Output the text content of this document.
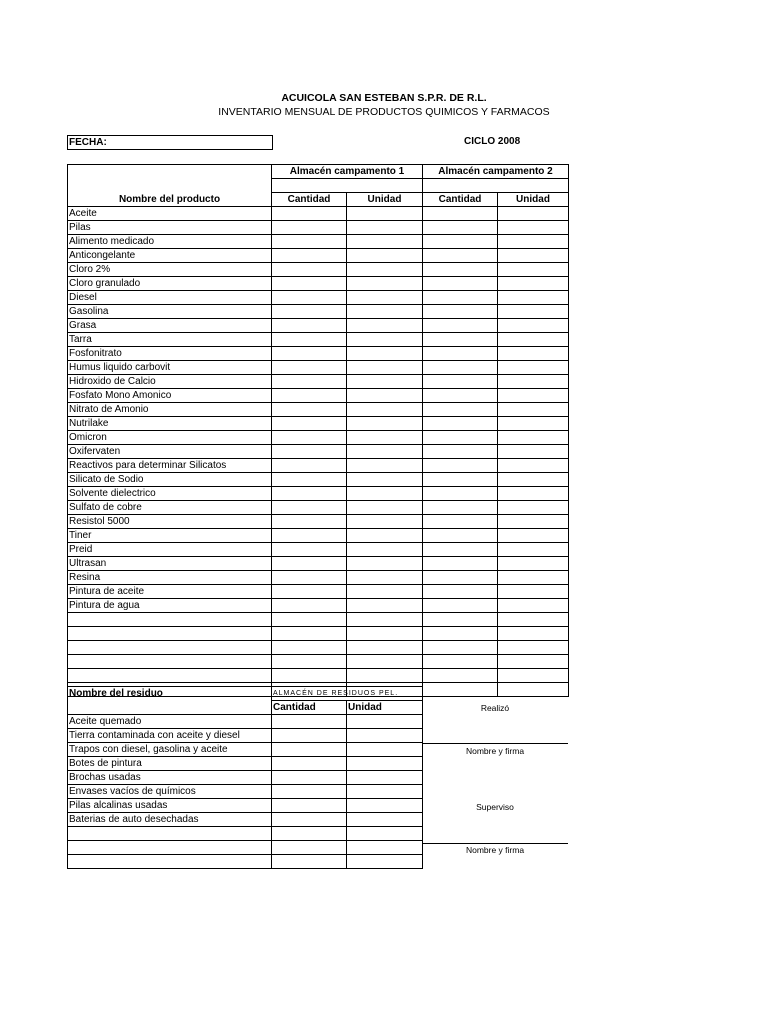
ACUICOLA SAN ESTEBAN S.P.R. DE R.L.
INVENTARIO MENSUAL DE PRODUCTOS QUIMICOS Y FARMACOS
FECHA:	CICLO 2008
Nombre del producto	Almacén campamento 1		Almacén campamento 2	

	Cantidad	Unidad	Cantidad	Unidad
Aceite				
Pilas				
Alimento medicado				
Anticongelante				
Cloro 2%				
Cloro granulado				
Diesel				
Gasolina				
Grasa				
Tarra				
Fosfonitrato				
Humus liquido carbovit				
Hidroxido de Calcio				
Fosfato Mono Amonico				
Nitrato de Amonio				
Nutrilake				
Omicron				
Oxifervaten				
Reactivos para determinar Silicatos				
Silicato de Sodio				
Solvente dielectrico				
Sulfato de cobre				
Resistol 5000				
Tiner				
Preid				
Ultrasan				
Resina				
Pintura de aceite				
Pintura de agua				

Nombre del residuo	ALMACÉN DE RESIDUOS PEL.	
	Cantidad	Unidad
Aceite quemado		
Tierra contaminada con aceite y diesel		
Trapos con diesel, gasolina y aceite		
Botes de pintura		
Brochas usadas		
Envases vacíos de químicos		
Pilas alcalinas usadas		
Baterias de auto desechadas		

Realizó
Nombre y firma
Superviso
Nombre y firma
